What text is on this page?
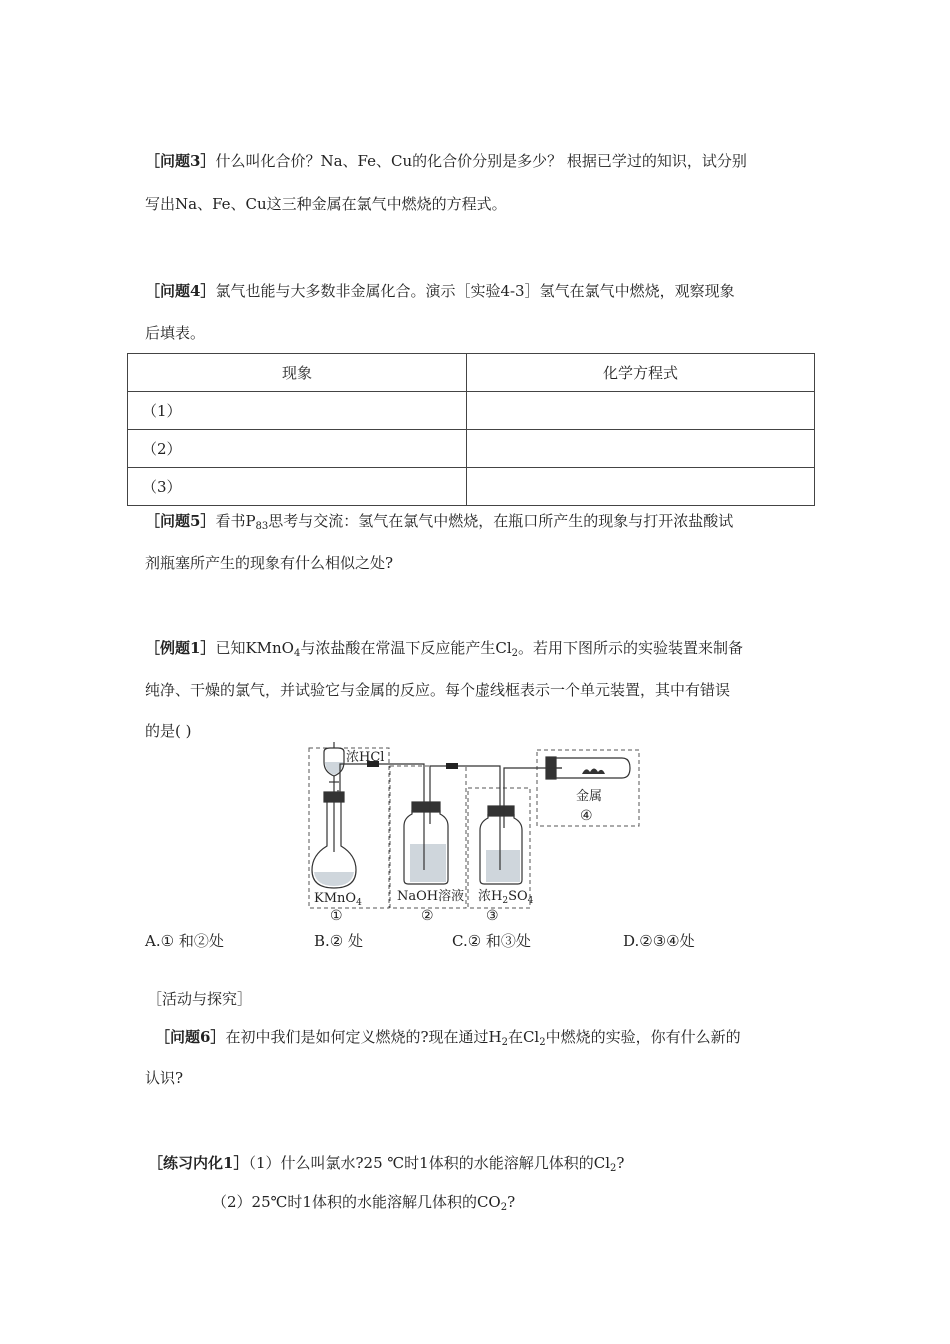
［问题3］什么叫化合价？Na、Fe、Cu的化合价分别是多少？ 根据已学过的知识，试分别
写出Na、Fe、Cu这三种金属在氯气中燃烧的方程式。
［问题4］氯气也能与大多数非金属化合。演示［实验4-3］氢气在氯气中燃烧，观察现象
后填表。
现象	化学方程式
（1）	
（2）	
（3）	
［问题5］看书$P_{83}$思考与交流：氢气在氯气中燃烧，在瓶口所产生的现象与打开浓盐酸试
剂瓶塞所产生的现象有什么相似之处?
［例题1］已知KMnO$_4$与浓盐酸在常温下反应能产生$Cl_2$。若用下图所示的实验装置来制备
纯净、干燥的氯气，并试验它与金属的反应。每个虚线框表示一个单元装置，其中有错误
的是( )
浓HCl
KMnO$_4$	NaOH溶液 浓$H_2SO_4$
金属
④
①	②	③
A.① 和②处	B.② 处	C.② 和③处	D.②③④处
［活动与探究］
［问题6］在初中我们是如何定义燃烧的?现在通过$H_2$在$Cl_2$中燃烧的实验，你有什么新的
认识?
［练习内化1］（1）什么叫氯水?25 ℃时1体积的水能溶解几体积的$Cl_2$?
（2）25℃时1体积的水能溶解几体积的$CO_2$?
